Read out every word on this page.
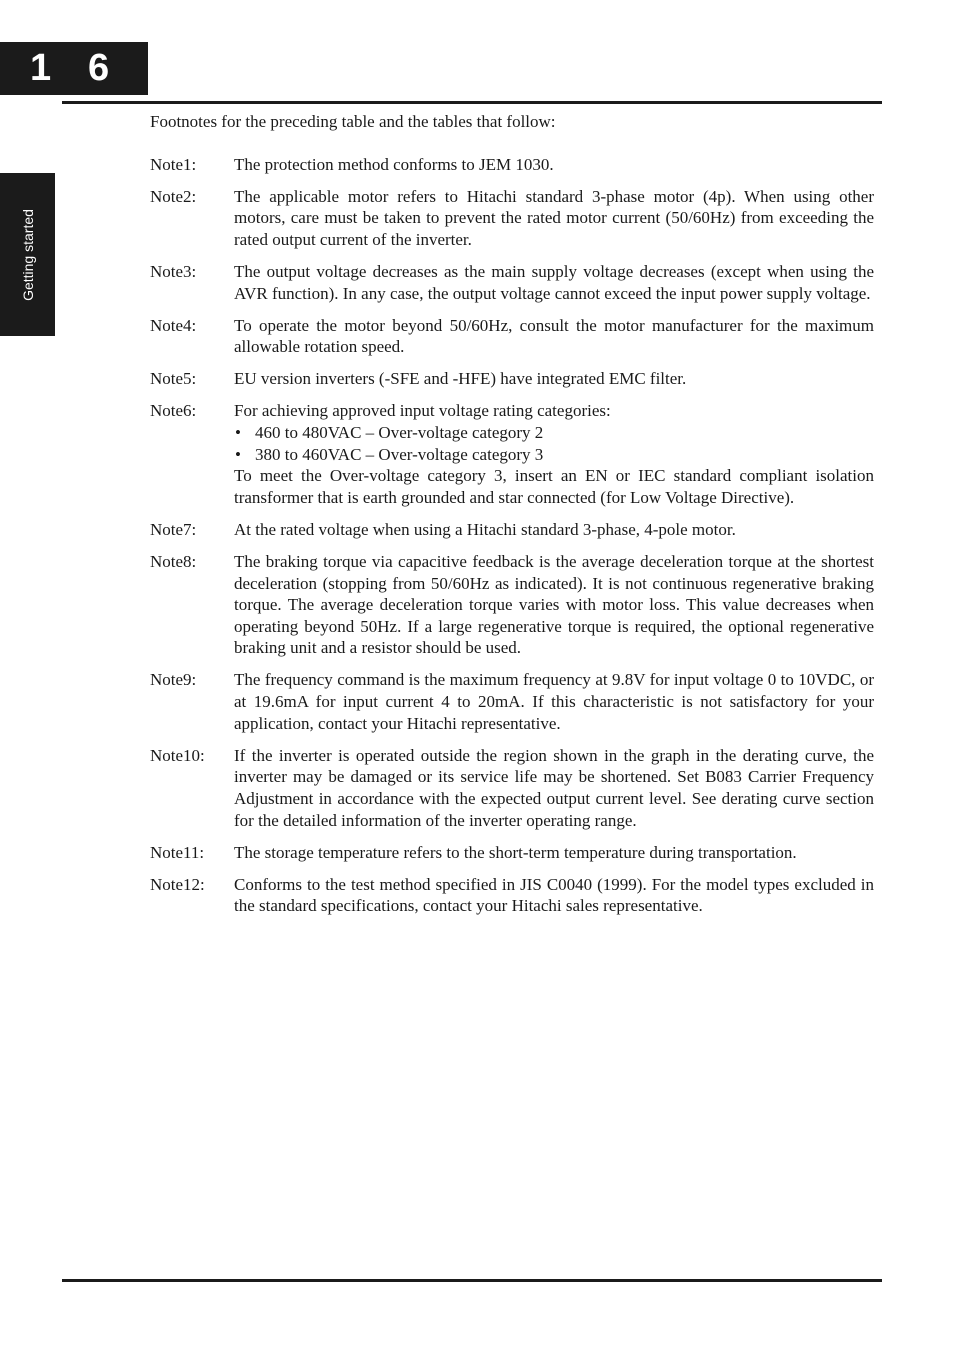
1 6
Getting started

Footnotes for the preceding table and the tables that follow:

Note1:	The protection method conforms to JEM 1030.

Note2:	The applicable motor refers to Hitachi standard 3-phase motor (4p). When using other motors, care must be taken to prevent the rated motor current (50/60Hz) from exceeding the rated output current of the inverter.

Note3:	The output voltage decreases as the main supply voltage decreases (except when using the AVR function). In any case, the output voltage cannot exceed the input power supply voltage.

Note4:	To operate the motor beyond 50/60Hz, consult the motor manufacturer for the maximum allowable rotation speed.

Note5:	EU version inverters (-SFE and -HFE) have integrated EMC filter.

Note6:	For achieving approved input voltage rating categories:

• 460 to 480VAC – Over-voltage category 2
• 380 to 460VAC – Over-voltage category 3

To meet the Over-voltage category 3, insert an EN or IEC standard compliant isolation transformer that is earth grounded and star connected (for Low Voltage Directive).

Note7:	At the rated voltage when using a Hitachi standard 3-phase, 4-pole motor.

Note8:	The braking torque via capacitive feedback is the average deceleration torque at the shortest deceleration (stopping from 50/60Hz as indicated). It is not continuous regenerative braking torque. The average deceleration torque varies with motor loss. This value decreases when operating beyond 50Hz. If a large regenerative torque is required, the optional regenerative braking unit and a resistor should be used.

Note9:	The frequency command is the maximum frequency at 9.8V for input voltage 0 to 10VDC, or at 19.6mA for input current 4 to 20mA. If this characteristic is not satisfactory for your application, contact your Hitachi representative.

Note10:	If the inverter is operated outside the region shown in the graph in the derating curve, the inverter may be damaged or its service life may be shortened. Set B083 Carrier Frequency Adjustment in accordance with the expected output current level. See derating curve section for the detailed information of the inverter operating range.

Note11:	The storage temperature refers to the short-term temperature during transportation.

Note12:	Conforms to the test method specified in JIS C0040 (1999). For the model types excluded in the standard specifications, contact your Hitachi sales representative.
